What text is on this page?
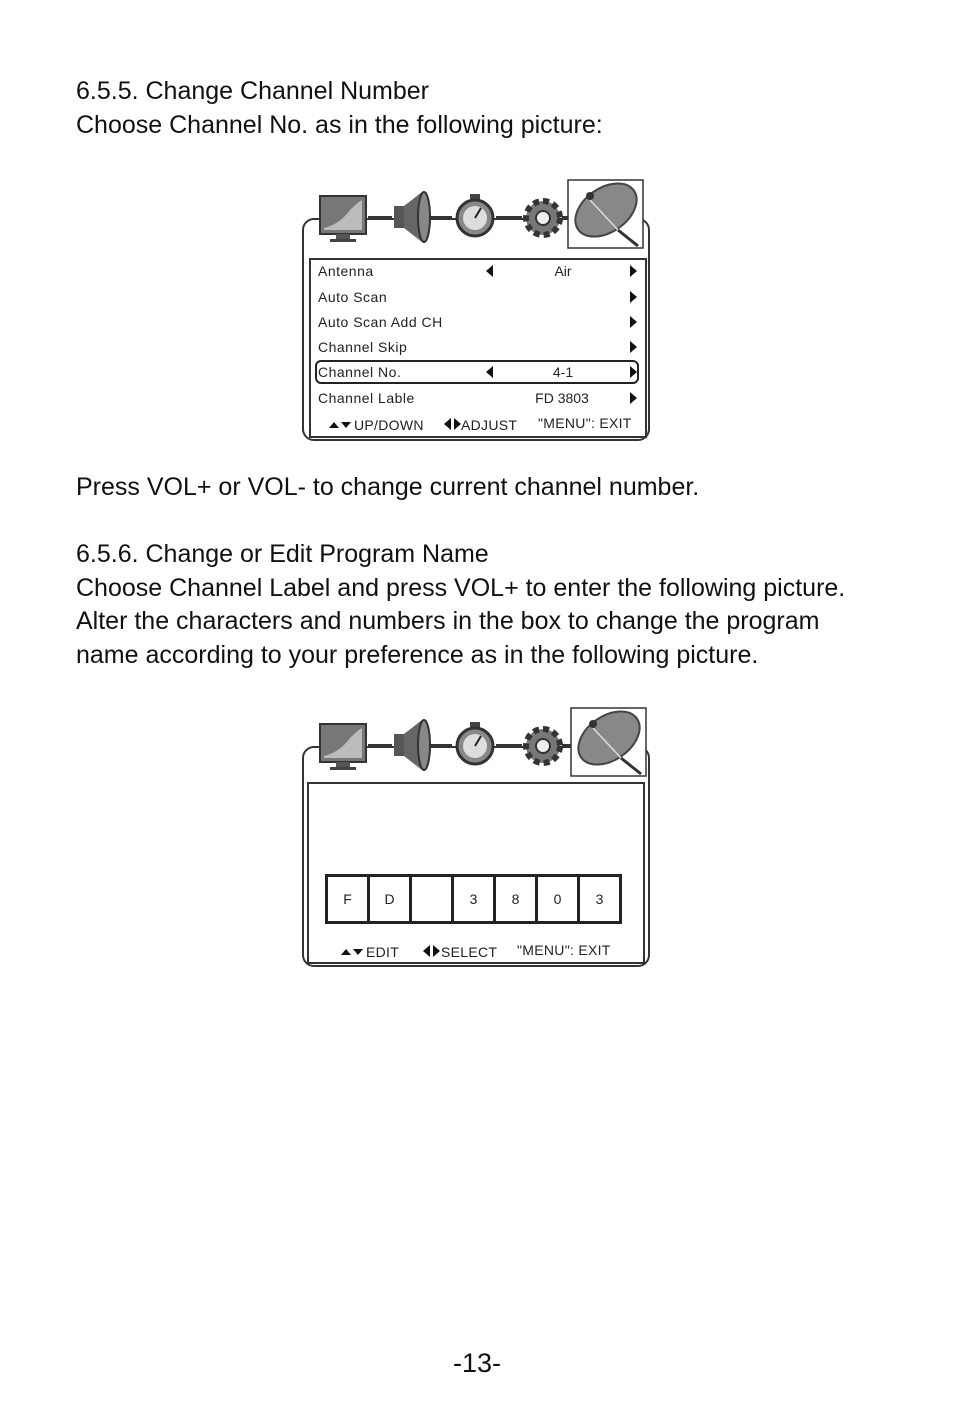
6.5.5. Change Channel Number
Choose Channel No. as in the following picture:
Antenna	Air
Auto Scan
Auto Scan Add CH
Channel Skip
Channel No.	4-1
Channel Lable	FD 3803
UP/DOWN	ADJUST "MENU": EXIT
Press VOL+ or VOL- to change current channel number.
6.5.6. Change or Edit Program Name
Choose Channel Label and press VOL+ to enter the following picture.
Alter the characters and numbers in the box to change the program
name according to your preference as in the following picture.
F	D	3	8	0	3
EDIT	SELECT "MENU": EXIT
-13-
